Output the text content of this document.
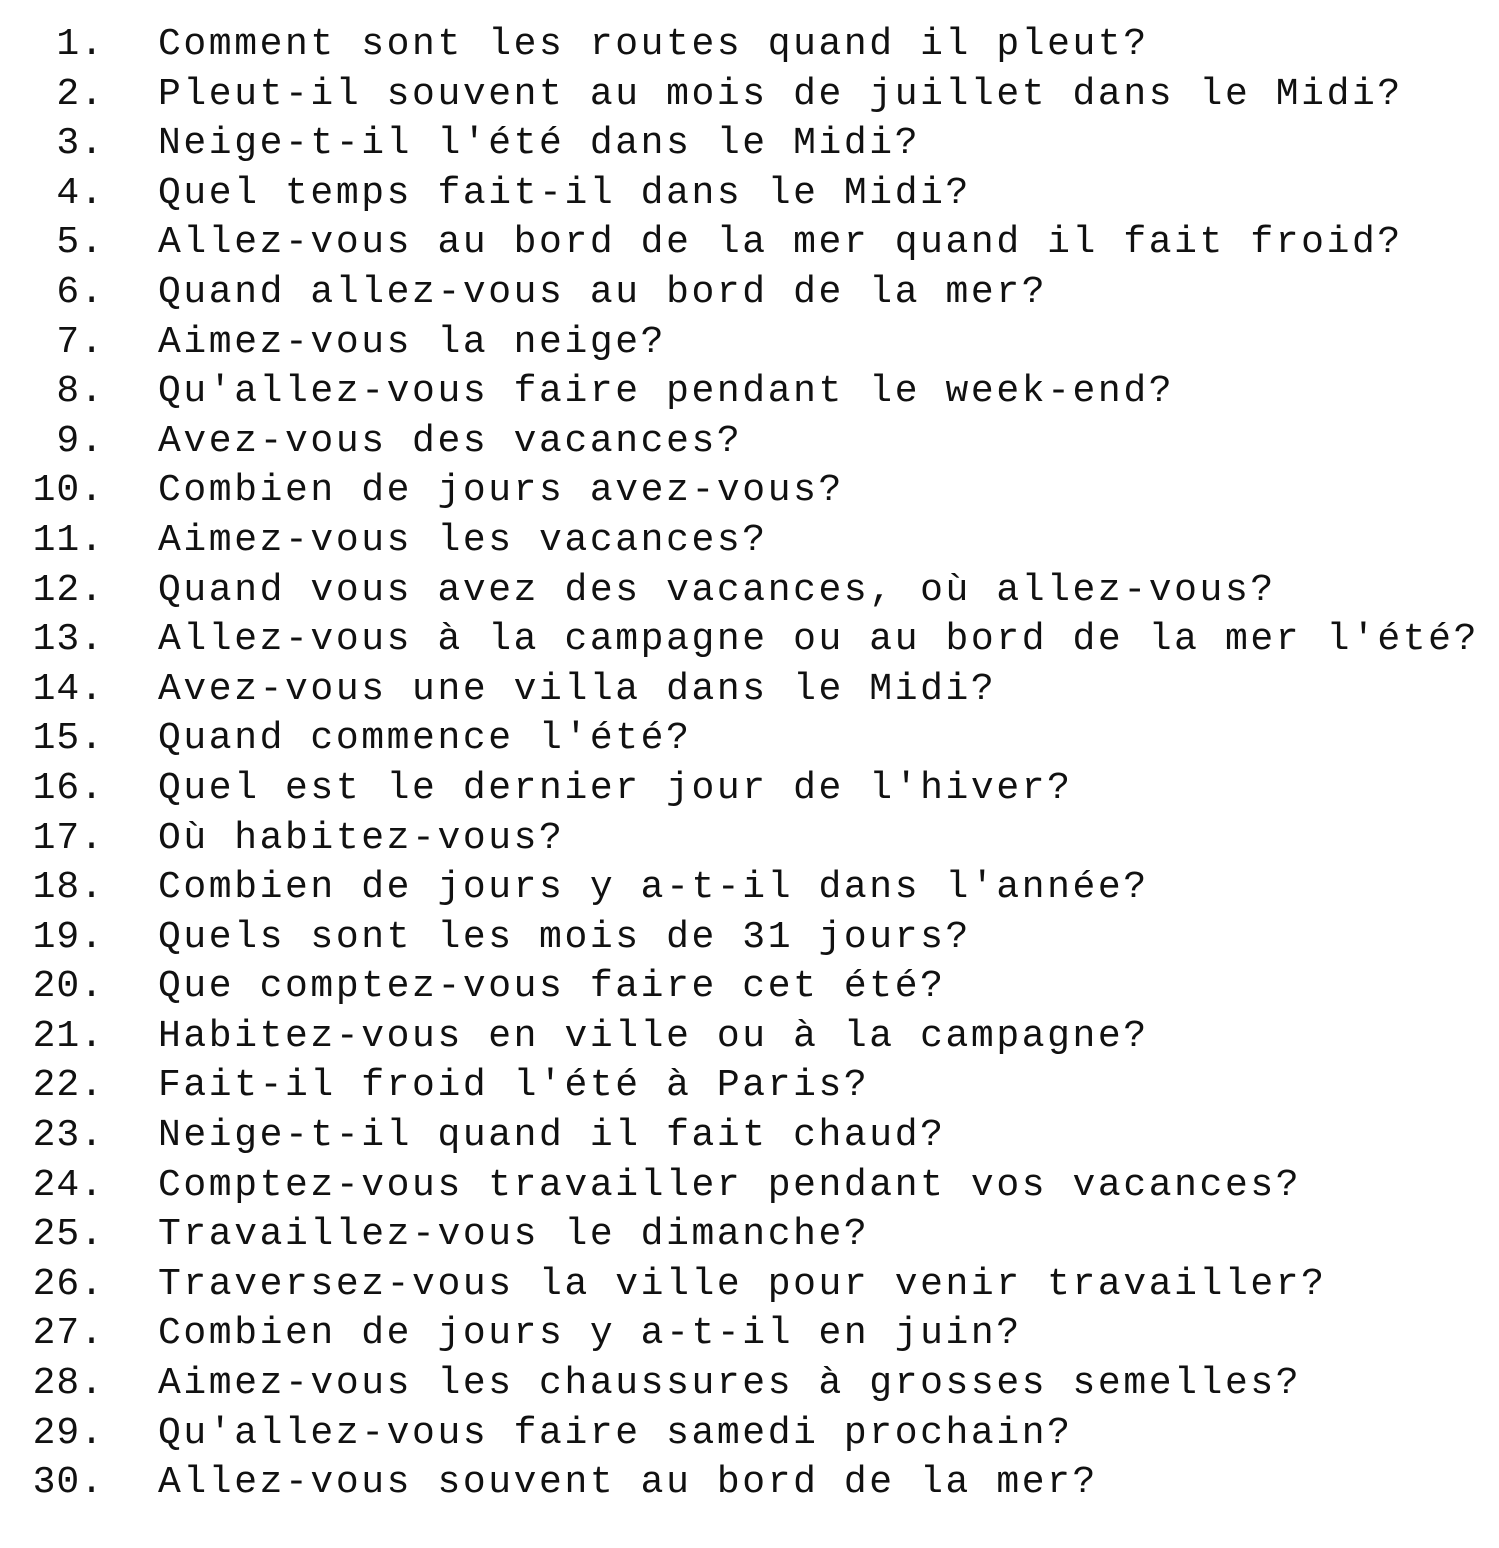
1. Comment sont les routes quand il pleut?
2. Pleut-il souvent au mois de juillet dans le Midi?
3. Neige-t-il l'été dans le Midi?
4. Quel temps fait-il dans le Midi?
5. Allez-vous au bord de la mer quand il fait froid?
6. Quand allez-vous au bord de la mer?
7. Aimez-vous la neige?
8. Qu'allez-vous faire pendant le week-end?
9. Avez-vous des vacances?
10. Combien de jours avez-vous?
11. Aimez-vous les vacances?
12. Quand vous avez des vacances, où allez-vous?
13. Allez-vous à la campagne ou au bord de la mer l'été?
14. Avez-vous une villa dans le Midi?
15. Quand commence l'été?
16. Quel est le dernier jour de l'hiver?
17. Où habitez-vous?
18. Combien de jours y a-t-il dans l'année?
19. Quels sont les mois de 31 jours?
20. Que comptez-vous faire cet été?
21. Habitez-vous en ville ou à la campagne?
22. Fait-il froid l'été à Paris?
23. Neige-t-il quand il fait chaud?
24. Comptez-vous travailler pendant vos vacances?
25. Travaillez-vous le dimanche?
26. Traversez-vous la ville pour venir travailler?
27. Combien de jours y a-t-il en juin?
28. Aimez-vous les chaussures à grosses semelles?
29. Qu'allez-vous faire samedi prochain?
30. Allez-vous souvent au bord de la mer?
